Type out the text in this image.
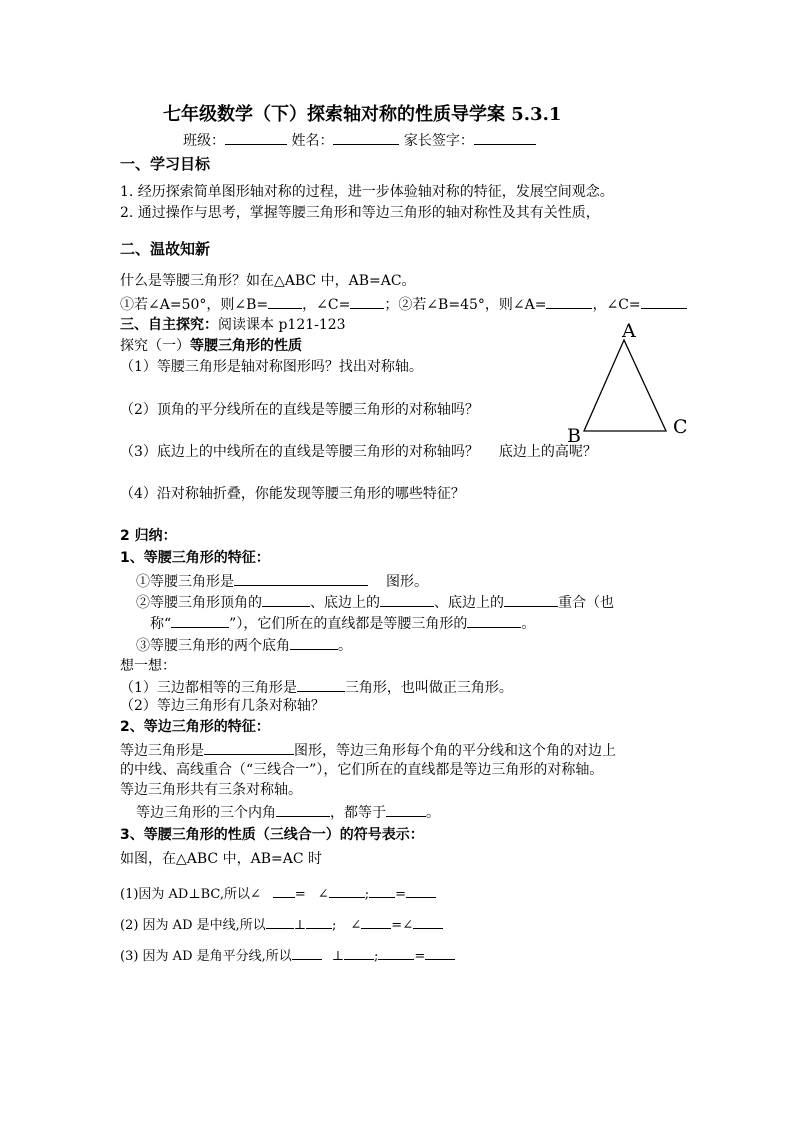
七年级数学（下）探索轴对称的性质导学案 5.3.1
班级：	姓名：	家长签字：
一、学习目标
1. 经历探索简单图形轴对称的过程，进一步体验轴对称的特征，发展空间观念。
2. 通过操作与思考，掌握等腰三角形和等边三角形的轴对称性及其有关性质，
二、温故知新
什么是等腰三角形？如在△ABC 中，AB=AC。
①若∠A=50°，则∠B= ，∠C= ；②若∠B=45°，则∠A=	，∠C=
三、自主探究：阅读课本 p121-123
探究（一）等腰三角形的性质
（1）等腰三角形是轴对称图形吗？找出对称轴。
（2）顶角的平分线所在的直线是等腰三角形的对称轴吗？
（3）底边上的中线所在的直线是等腰三角形的对称轴吗？ 底边上的高呢？
（4）沿对称轴折叠，你能发现等腰三角形的哪些特征？
A
B	C
2 归纳：
1、等腰三角形的特征：
①等腰三角形是	图形。
②等腰三角形顶角的	、底边上的	、底边上的	重合（也
称“	”），它们所在的直线都是等腰三角形的	。
③等腰三角形的两个底角	。
想一想：
（1）三边都相等的三角形是	三角形，也叫做正三角形。
（2）等边三角形有几条对称轴？
2、等边三角形的特征：
等边三角形是	图形，等边三角形每个角的平分线和这个角的对边上
的中线、高线重合（“三线合一”），它们所在的直线都是等边三角形的对称轴。
等边三角形共有三条对称轴。
等边三角形的三个内角	，都等于	。
3、等腰三角形的性质（三线合一）的符号表示：
如图，在△ABC 中，AB=AC 时
(1)因为 AD⊥BC,所以∠	= ∠	; =
(2) 因为 AD 是中线,所以 ⊥ ; ∠ =∠
(3) 因为 AD 是角平分线,所以	⊥ ;	=
